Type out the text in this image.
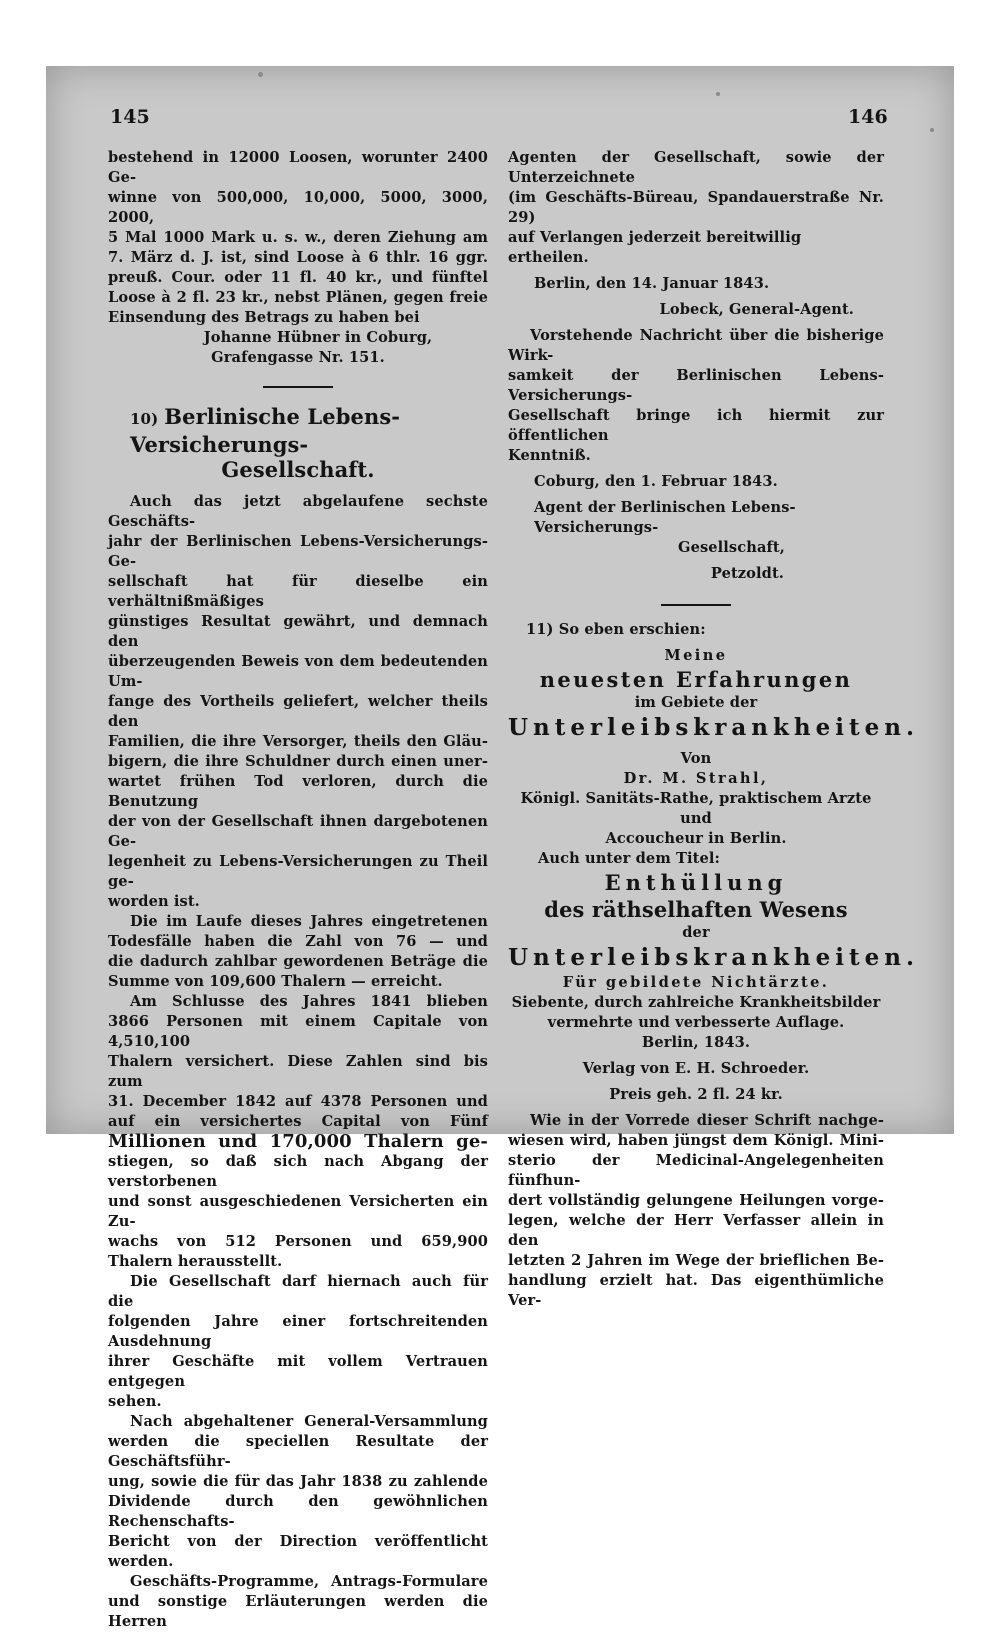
145	146

bestehend in 12000 Loosen, worunter 2400 Ge-

winne von 500,000, 10,000, 5000, 3000, 2000,

5 Mal 1000 Mark u. s. w., deren Ziehung am

7. März d. J. ist, sind Loose à 6 thlr. 16 ggr.

preuß. Cour. oder 11 fl. 40 kr., und fünftel

Loose à 2 fl. 23 kr., nebst Plänen, gegen freie

Einsendung des Betrags zu haben bei

Johanne Hübner in Coburg,

Grafengasse Nr. 151.

10) Berlinische Lebens-Versicherungs-

Gesellschaft.

Auch das jetzt abgelaufene sechste Geschäfts-

jahr der Berlinischen Lebens-Versicherungs-Ge-

sellschaft hat für dieselbe ein verhältnißmäßiges

günstiges Resultat gewährt, und demnach den

überzeugenden Beweis von dem bedeutenden Um-

fange des Vortheils geliefert, welcher theils den

Familien, die ihre Versorger, theils den Gläu-

bigern, die ihre Schuldner durch einen uner-

wartet frühen Tod verloren, durch die Benutzung

der von der Gesellschaft ihnen dargebotenen Ge-

legenheit zu Lebens-Versicherungen zu Theil ge-

worden ist.

Die im Laufe dieses Jahres eingetretenen

Todesfälle haben die Zahl von 76 — und

die dadurch zahlbar gewordenen Beträge die

Summe von 109,600 Thalern — erreicht.

Am Schlusse des Jahres 1841 blieben

3866 Personen mit einem Capitale von 4,510,100

Thalern versichert. Diese Zahlen sind bis zum

31. December 1842 auf 4378 Personen und

auf ein versichertes Capital von Fünf

Millionen und 170,000 Thalern ge-

stiegen, so daß sich nach Abgang der verstorbenen

und sonst ausgeschiedenen Versicherten ein Zu-

wachs von 512 Personen und 659,900

Thalern herausstellt.

Die Gesellschaft darf hiernach auch für die

folgenden Jahre einer fortschreitenden Ausdehnung

ihrer Geschäfte mit vollem Vertrauen entgegen

sehen.

Nach abgehaltener General-Versammlung

werden die speciellen Resultate der Geschäftsführ-

ung, sowie die für das Jahr 1838 zu zahlende

Dividende durch den gewöhnlichen Rechenschafts-

Bericht von der Direction veröffentlicht werden.

Geschäfts-Programme, Antrags-Formulare

und sonstige Erläuterungen werden die Herren

Agenten der Gesellschaft, sowie der Unterzeichnete

(im Geschäfts-Büreau, Spandauerstraße Nr. 29)

auf Verlangen jederzeit bereitwillig ertheilen.

Berlin, den 14. Januar 1843.

Lobeck, General-Agent.

Vorstehende Nachricht über die bisherige Wirk-

samkeit der Berlinischen Lebens-Versicherungs-

Gesellschaft bringe ich hiermit zur öffentlichen

Kenntniß.

Coburg, den 1. Februar 1843.

Agent der Berlinischen Lebens-Versicherungs-

Gesellschaft,

Petzoldt.

11) So eben erschien:

Meine

neuesten Erfahrungen

im Gebiete der

Unterleibskrankheiten.

Von

Dr. M. Strahl,

Königl. Sanitäts-Rathe, praktischem Arzte und

Accoucheur in Berlin.

Auch unter dem Titel:

Enthüllung

des räthselhaften Wesens

der

Unterleibskrankheiten.

Für gebildete Nichtärzte.

Siebente, durch zahlreiche Krankheitsbilder

vermehrte und verbesserte Auflage.

Berlin, 1843.

Verlag von E. H. Schroeder.

Preis geh. 2 fl. 24 kr.

Wie in der Vorrede dieser Schrift nachge-

wiesen wird, haben jüngst dem Königl. Mini-

sterio der Medicinal-Angelegenheiten fünfhun-

dert vollständig gelungene Heilungen vorge-

legen, welche der Herr Verfasser allein in den

letzten 2 Jahren im Wege der brieflichen Be-

handlung erzielt hat. Das eigenthümliche Ver-
